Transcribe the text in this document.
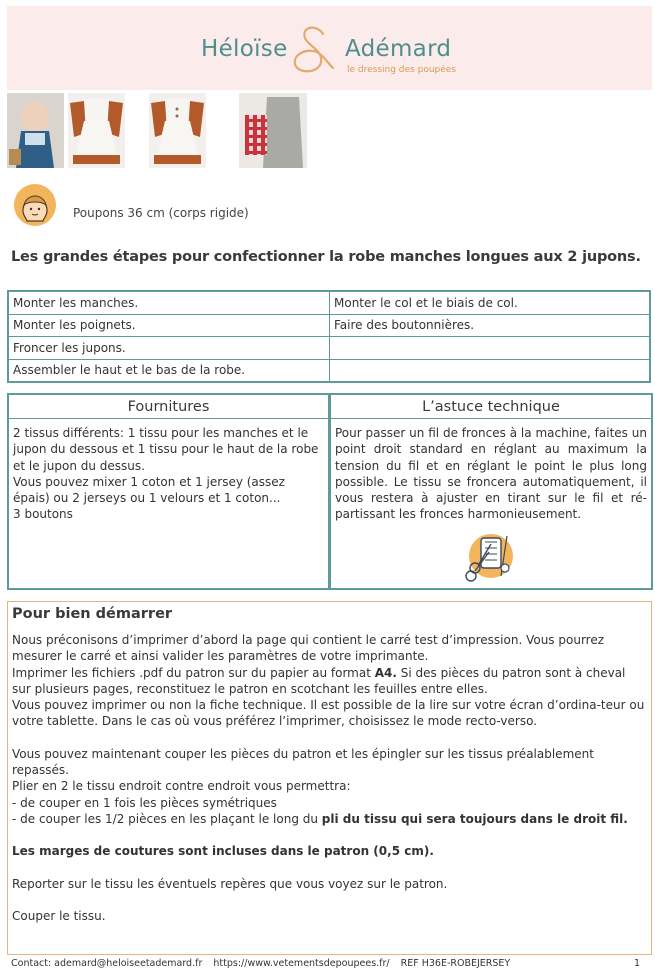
Héloïse Adémard
le dressing des poupées
Poupons 36 cm (corps rigide)
Les grandes étapes pour confectionner la robe manches longues aux 2 jupons.
Monter les manches.	Monter le col et le biais de col.
Monter les poignets.	Faire des boutonnières.
Froncer les jupons.	
Assembler le haut et le bas de la robe.	
Fournitures

2 tissus différents: 1 tissu pour les manches et le jupon du dessous et 1 tissu pour le haut de la robe et le jupon du dessus.

Vous pouvez mixer 1 coton et 1 jersey (assez épais) ou 2 jerseys ou 1 velours et 1 coton...

3 boutons

L’astuce technique

Pour passer un fil de fronces à la machine, faites un point droit standard en réglant au maximum la tension du fil et en réglant le point le plus long possible. Le tissu se froncera automatiquement, il vous restera à ajuster en tirant sur le fil et ré-partissant les fronces harmonieusement.

Pour bien démarrer

Nous préconisons d’imprimer d’abord la page qui contient le carré test d’impression. Vous pourrez mesurer le carré et ainsi valider les paramètres de votre imprimante.

Imprimer les fichiers .pdf du patron sur du papier au format A4. Si des pièces du patron sont à cheval sur plusieurs pages, reconstituez le patron en scotchant les feuilles entre elles.

Vous pouvez imprimer ou non la fiche technique. Il est possible de la lire sur votre écran d’ordina-teur ou votre tablette. Dans le cas où vous préférez l’imprimer, choisissez le mode recto-verso.

Vous pouvez maintenant couper les pièces du patron et les épingler sur les tissus préalablement repassés.

Plier en 2 le tissu endroit contre endroit vous permettra:

- de couper en 1 fois les pièces symétriques

- de couper les 1/2 pièces en les plaçant le long du pli du tissu qui sera toujours dans le droit fil.

Les marges de coutures sont incluses dans le patron (0,5 cm).

Reporter sur le tissu les éventuels repères que vous voyez sur le patron.

Couper le tissu.

Contact: ademard@heloiseetademard.fr https://www.vetementsdepoupees.fr/ REF H36E-ROBEJERSEY	1
